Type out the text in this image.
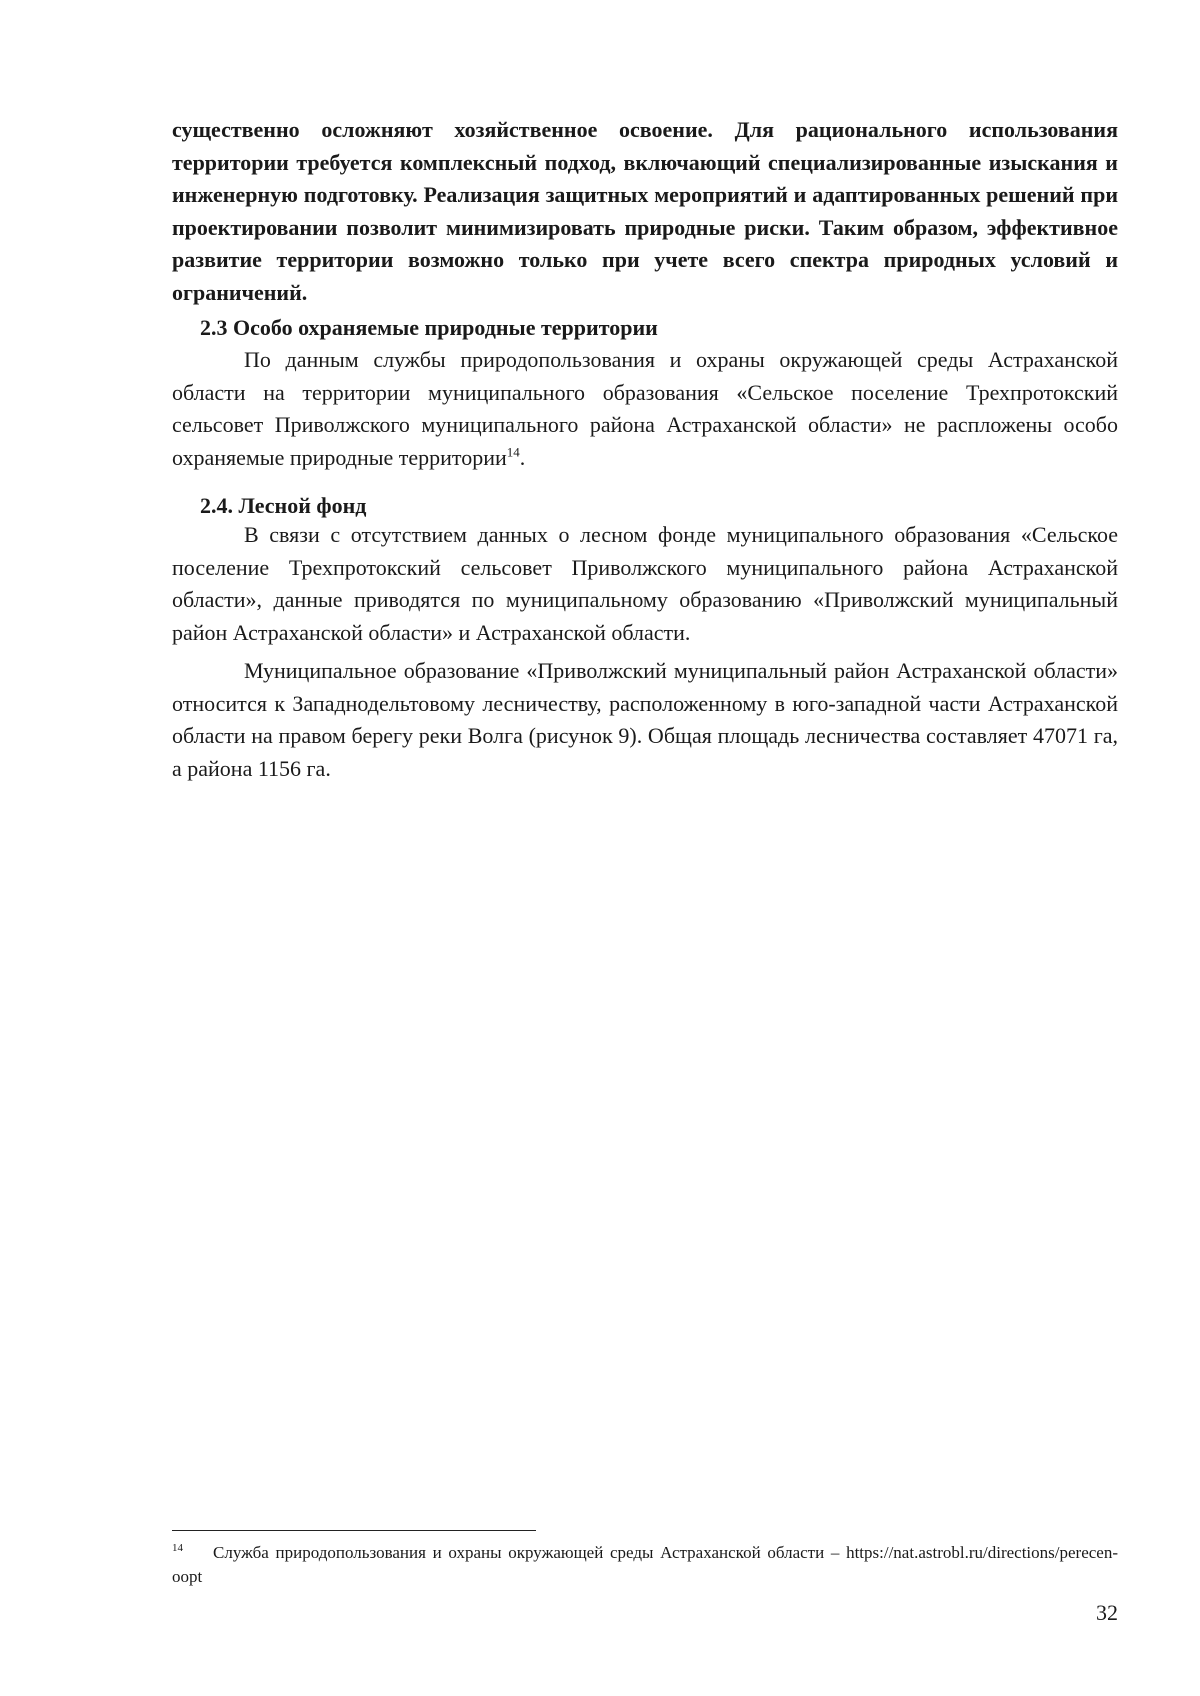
существенно осложняют хозяйственное освоение. Для рационального использования территории требуется комплексный подход, включающий специализированные изыскания и инженерную подготовку. Реализация защитных мероприятий и адаптированных решений при проектировании позволит минимизировать природные риски. Таким образом, эффективное развитие территории возможно только при учете всего спектра природных условий и ограничений.
2.3 Особо охраняемые природные территории

По данным службы природопользования и охраны окружающей среды Астраханской области на территории муниципального образования «Сельское поселение Трехпротокский сельсовет Приволжского муниципального района Астраханской области» не распложены особо охраняемые природные территории$^{14}$.

2.4. Лесной фонд

В связи с отсутствием данных о лесном фонде муниципального образования «Сельское поселение Трехпротокский сельсовет Приволжского муниципального района Астраханской области», данные приводятся по муниципальному образованию «Приволжский муниципальный район Астраханской области» и Астраханской области.

Муниципальное образование «Приволжский муниципальный район Астраханской области» относится к Западнодельтовому лесничеству, расположенному в юго-западной части Астраханской области на правом берегу реки Волга (рисунок 9). Общая площадь лесничества составляет 47071 га, а района 1156 га.

$^{14}$ Служба природопользования и охраны окружающей среды Астраханской области – https://nat.astrobl.ru/directions/perecen-oopt
32
